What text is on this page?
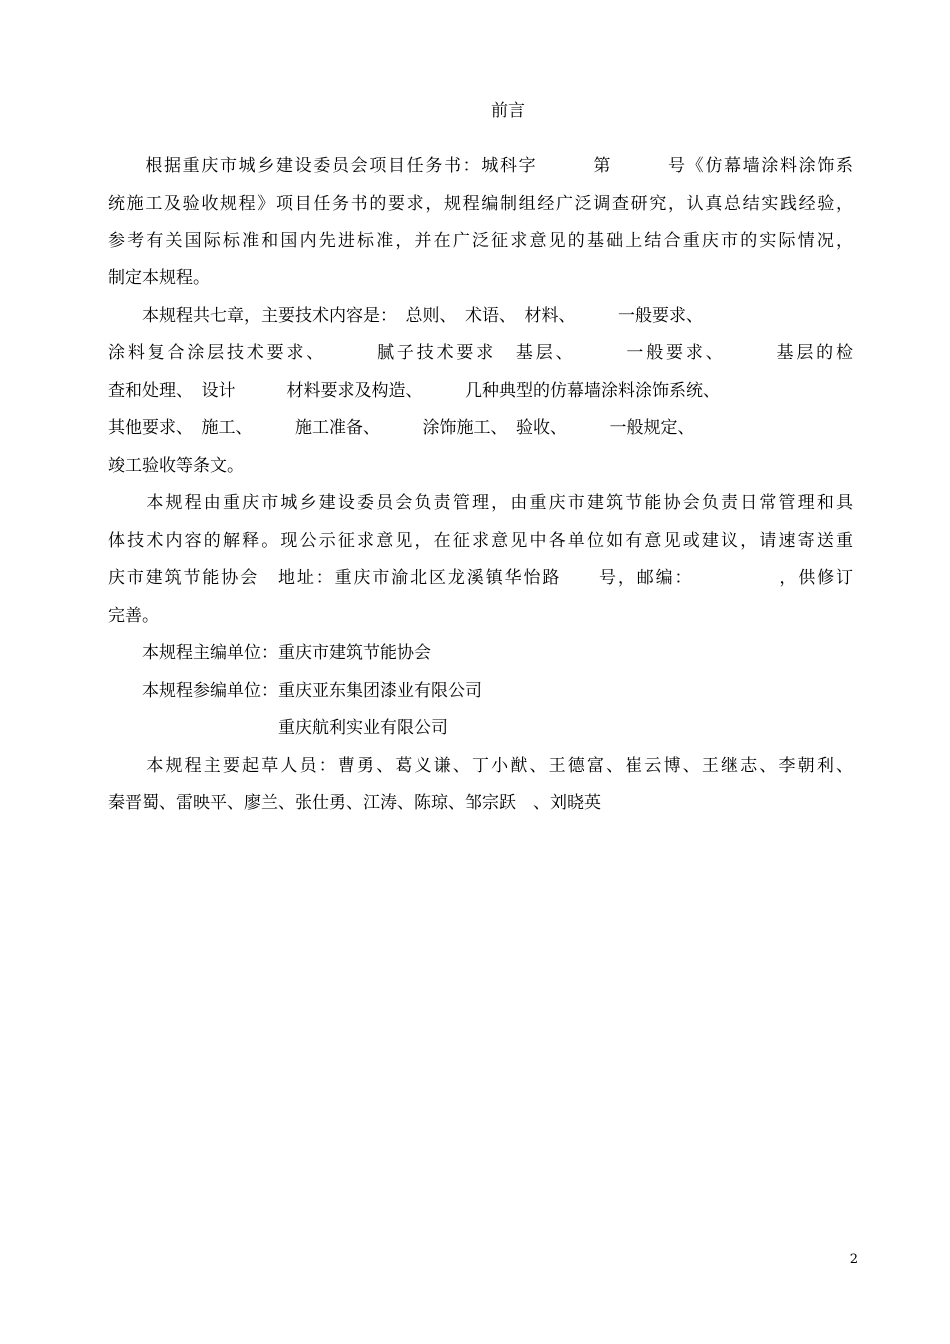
前言
　　根据重庆市城乡建设委员会项目任务书：城科字　　　第　　　号《仿幕墙涂料涂饰系
统施工及验收规程》项目任务书的要求，规程编制组经广泛调查研究，认真总结实践经验，
参考有关国际标准和国内先进标准，并在广泛征求意见的基础上结合重庆市的实际情况，
制定本规程。
　　本规程共七章，主要技术内容是：　总则、　术语、　材料、　　　一般要求、
涂料复合涂层技术要求、　　　腻子技术要求　基层、　　　一般要求、　　　基层的检
查和处理、　设计　　　材料要求及构造、　　　几种典型的仿幕墙涂料涂饰系统、
其他要求、　施工、　　　施工准备、　　　涂饰施工、　验收、　　　一般规定、
竣工验收等条文。
　　本规程由重庆市城乡建设委员会负责管理，由重庆市建筑节能协会负责日常管理和具
体技术内容的解释。现公示征求意见，在征求意见中各单位如有意见或建议，请速寄送重
庆市建筑节能协会　地址：重庆市渝北区龙溪镇华怡路　　号，邮编：　　　　　，供修订
完善。
　　本规程主编单位：重庆市建筑节能协会
　　本规程参编单位：重庆亚东集团漆业有限公司
　　　　　　　　　　重庆航利实业有限公司
　　本规程主要起草人员：曹勇、葛义谦、丁小猷、王德富、崔云博、王继志、李朝利、
秦晋蜀、雷映平、廖兰、张仕勇、江涛、陈琼、邹宗跃　、刘晓英
2
